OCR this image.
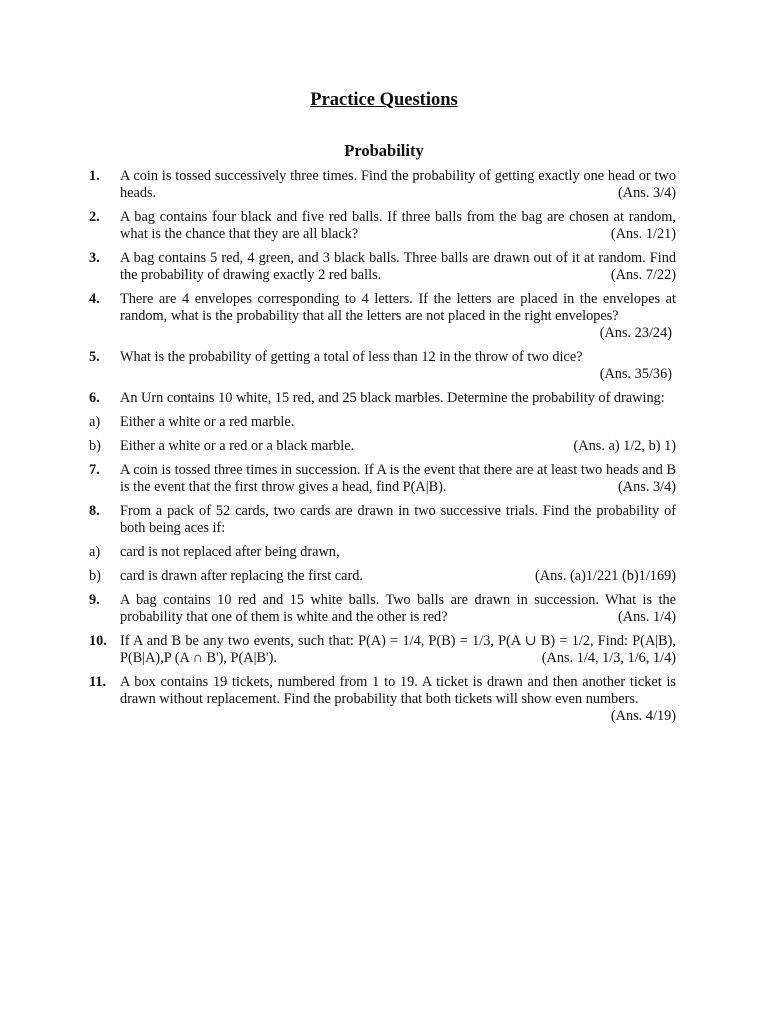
Practice Questions
Probability
1.	A coin is tossed successively three times. Find the probability of getting exactly one head or two heads.	(Ans. 3/4)
2.	A bag contains four black and five red balls. If three balls from the bag are chosen at random, what is the chance that they are all black?	(Ans. 1/21)
3.	A bag contains 5 red, 4 green, and 3 black balls. Three balls are drawn out of it at random. Find the probability of drawing exactly 2 red balls.	(Ans. 7/22)
4.	There are 4 envelopes corresponding to 4 letters. If the letters are placed in the envelopes at random, what is the probability that all the letters are not placed in the right envelopes?
(Ans. 23/24)
5.	What is the probability of getting a total of less than 12 in the throw of two dice?
(Ans. 35/36)
6.	An Urn contains 10 white, 15 red, and 25 black marbles. Determine the probability of drawing:
a)	Either a white or a red marble.
b)	Either a white or a red or a black marble.	(Ans. a) 1/2, b) 1)
7.	A coin is tossed three times in succession. If A is the event that there are at least two heads and B is the event that the first throw gives a head, find P(A|B).	(Ans. 3/4)
8.	From a pack of 52 cards, two cards are drawn in two successive trials. Find the probability of both being aces if:
a)	card is not replaced after being drawn,
b)	card is drawn after replacing the first card.	(Ans. (a)1/221 (b)1/169)
9.	A bag contains 10 red and 15 white balls. Two balls are drawn in succession. What is the probability that one of them is white and the other is red?	(Ans. 1/4)
10. If A and B be any two events, such that: P(A) = 1/4, P(B) = 1/3, P(A ∪ B) = 1/2, Find: P(A|B), P(B|A),P (A ∩ B'), P(A|B').	(Ans. 1/4, 1/3, 1/6, 1/4)
11. A box contains 19 tickets, numbered from 1 to 19. A ticket is drawn and then another ticket is drawn without replacement. Find the probability that both tickets will show even numbers.
(Ans. 4/19)
